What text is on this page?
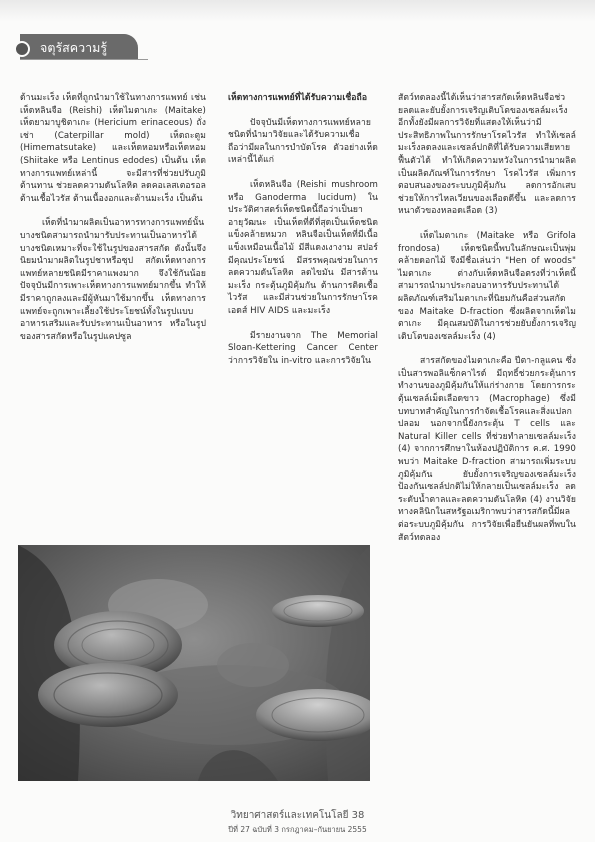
จตุรัสความรู้

ด้านมะเร็ง เห็ดที่ถูกนำมาใช้ในทางการแพทย์ เช่น เห็ดหลินจือ (Reishi) เห็ดไมตาเกะ (Maitake) เห็ดยามาบูชิตาเกะ (Hericium erinaceous) ถั่งเช่า (Caterpillar mold) เห็ดถะตูม (Himematsutake) และเห็ดหอมหรือเห็ดหอม (Shiitake หรือ Lentinus edodes) เป็นต้น เห็ดทางการแพทย์เหล่านี้ จะมีสารที่ช่วยปรับภูมิต้านทาน ช่วยลดความดันโลหิต ลดคอเลสเตอรอล ต้านเชื้อไวรัส ต้านเนื้องอกและต้านมะเร็ง เป็นต้น

เห็ดที่นำมาผลิตเป็นอาหารทางการแพทย์นั้น บางชนิดสามารถนำมารับประทานเป็นอาหารได้ บางชนิดเหมาะที่จะใช้ในรูปของสารสกัด ดังนั้นจึงนิยมนำมาผลิตในรูปชาหรือซุป สกัดเห็ดทางการแพทย์หลายชนิดมีราคาแพงมาก จึงใช้กันน้อย ปัจจุบันมีการเพาะเห็ดทางการแพทย์มากขึ้น ทำให้มีราคาถูกลงและมีผู้หันมาใช้มากขึ้น เห็ดทางการแพทย์จะถูกเพาะเลี้ยงใช้ประโยชน์ทั้งในรูปแบบอาหารเสริมและรับประทานเป็นอาหาร หรือในรูปของสารสกัดหรือในรูปแคปซูล

เห็ดทางการแพทย์ที่ได้รับความเชื่อถือ

ปัจจุบันมีเห็ดทางการแพทย์หลายชนิดที่นำมาวิจัยและได้รับความเชื่อถือว่ามีผลในการบำบัดโรค ตัวอย่างเห็ดเหล่านี้ได้แก่

เห็ดหลินจือ (Reishi mushroom หรือ Ganoderma lucidum) ในประวัติศาสตร์เห็ดชนิดนี้ถือว่าเป็นยาอายุวัฒนะ เป็นเห็ดที่ดีที่สุดเป็นเห็ดชนิดแข็งคล้ายหมวก หลินจือเป็นเห็ดที่มีเนื้อแข็งเหมือนเนื้อไม้ มีสีแดงเงางาม สปอร์มีคุณประโยชน์ มีสรรพคุณช่วยในการลดความดันโลหิต ลดไขมัน มีสารต้านมะเร็ง กระตุ้นภูมิคุ้มกัน ต้านการติดเชื้อไวรัส และมีส่วนช่วยในการรักษาโรคเอดส์ HIV AIDS และมะเร็ง

มีรายงานจาก The Memorial Sloan-Kettering Cancer Center ว่าการวิจัยใน in-vitro และการวิจัยใน

สัตว์ทดลองนี้ได้เห็นว่าสารสกัดเห็ดหลินจือช่วยลดและยับยั้งการเจริญเติบโตของเซลล์มะเร็ง อีกทั้งยังมีผลการวิจัยที่แสดงให้เห็นว่ามีประสิทธิภาพในการรักษาโรคไวรัส ทำให้เซลล์มะเร็งลดลงและเซลล์ปกติที่ได้รับความเสียหายฟื้นตัวได้ ทำให้เกิดความหวังในการนำมาผลิตเป็นผลิตภัณฑ์ในการรักษา โรคไวรัส เพิ่มการตอบสนองของระบบภูมิคุ้มกัน ลดการอักเสบ ช่วยให้การไหลเวียนของเลือดดีขึ้น และลดการหนาตัวของหลอดเลือด (3)

เห็ดไมตาเกะ (Maitake หรือ Grifola frondosa) เห็ดชนิดนี้พบในลักษณะเป็นพุ่ม คล้ายดอกไม้ จึงมีชื่อเล่นว่า "Hen of woods" ไมตาเกะ ต่างกับเห็ดหลินจือตรงที่ว่าเห็ดนี้สามารถนำมาประกอบอาหารรับประทานได้ ผลิตภัณฑ์เสริมไมตาเกะที่นิยมกันคือส่วนสกัดของ Maitake D-fraction ซึ่งผลิตจากเห็ดไมตาเกะ มีคุณสมบัติในการช่วยยับยั้งการเจริญเติบโตของเซลล์มะเร็ง (4)

สารสกัดของไมตาเกะคือ ปีตา-กลูแคน ซึ่งเป็นสารพอลิแซ็กคาไรด์ มีฤทธิ์ช่วยกระตุ้นการทำงานของภูมิคุ้มกันให้แก่ร่างกาย โดยการกระตุ้นเซลล์เม็ดเลือดขาว (Macrophage) ซึ่งมีบทบาทสำคัญในการกำจัดเชื้อโรคและสิ่งแปลกปลอม นอกจากนี้ยังกระตุ้น T cells และ Natural Killer cells ที่ช่วยทำลายเซลล์มะเร็ง (4) จากการศึกษาในห้องปฏิบัติการ ค.ศ. 1990 พบว่า Maitake D-fraction สามารถเพิ่มระบบภูมิคุ้มกัน ยับยั้งการเจริญของเซลล์มะเร็ง ป้องกันเซลล์ปกติไม่ให้กลายเป็นเซลล์มะเร็ง ลดระดับน้ำตาลและลดความดันโลหิต (4) งานวิจัยทางคลินิกในสหรัฐอเมริกาพบว่าสารสกัดนี้มีผลต่อระบบภูมิคุ้มกัน การวิจัยเพื่อยืนยันผลที่พบในสัตว์ทดลอง

วิทยาศาสตร์และเทคโนโลยี 38
ปีที่ 27 ฉบับที่ 3 กรกฎาคม–กันยายน 2555
